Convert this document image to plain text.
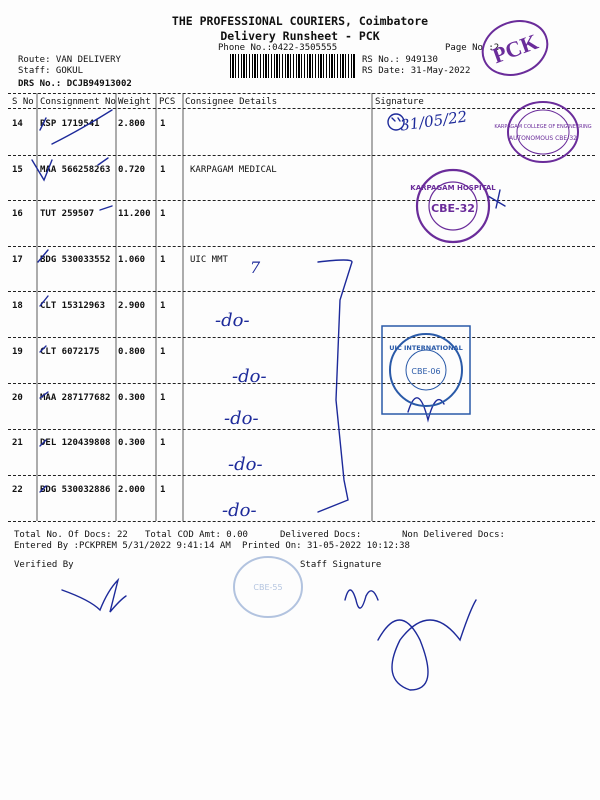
THE PROFESSIONAL COURIERS, Coimbatore
Delivery Runsheet - PCK
Phone No.:0422-3505555	Page No :2
Route: VAN DELIVERY
Staff: GOKUL
DRS No.: DCJB94913002
RS No.: 949130
RS Date: 31-May-2022
PCK
S No Consignment No Weight PCS Consignee Details	Signature
14 RSP 1719541 2.800 1
15 MAA 566258263 0.720 1	KARPAGAM MEDICAL
16 TUT 259507	11.200 1
17 BDG 530033552 1.060 1	UIC MMT
18 CLT 15312963 2.900 1
19 CLT 6072175 0.800 1
20 MAA 287177682 0.300 1
21 DEL 120439808 0.300 1
22 BDG 530032886 2.000 1
31/05/22
7
-do-
-do-
-do-
-do-
-do-
KARPAGAM COLLEGE OF ENGINEERING
AUTONOMOUS CBE-32
KARPAGAM HOSPITAL
CBE-32
UIC INTERNATIONAL
CBE-06
CBE-55
Total No. Of Docs: 22 Total COD Amt: 0.00	Delivered Docs:	Non Delivered Docs:
Entered By :PCKPREM 5/31/2022 9:41:14 AM Printed On: 31-05-2022 10:12:38
Verified By	Staff Signature
